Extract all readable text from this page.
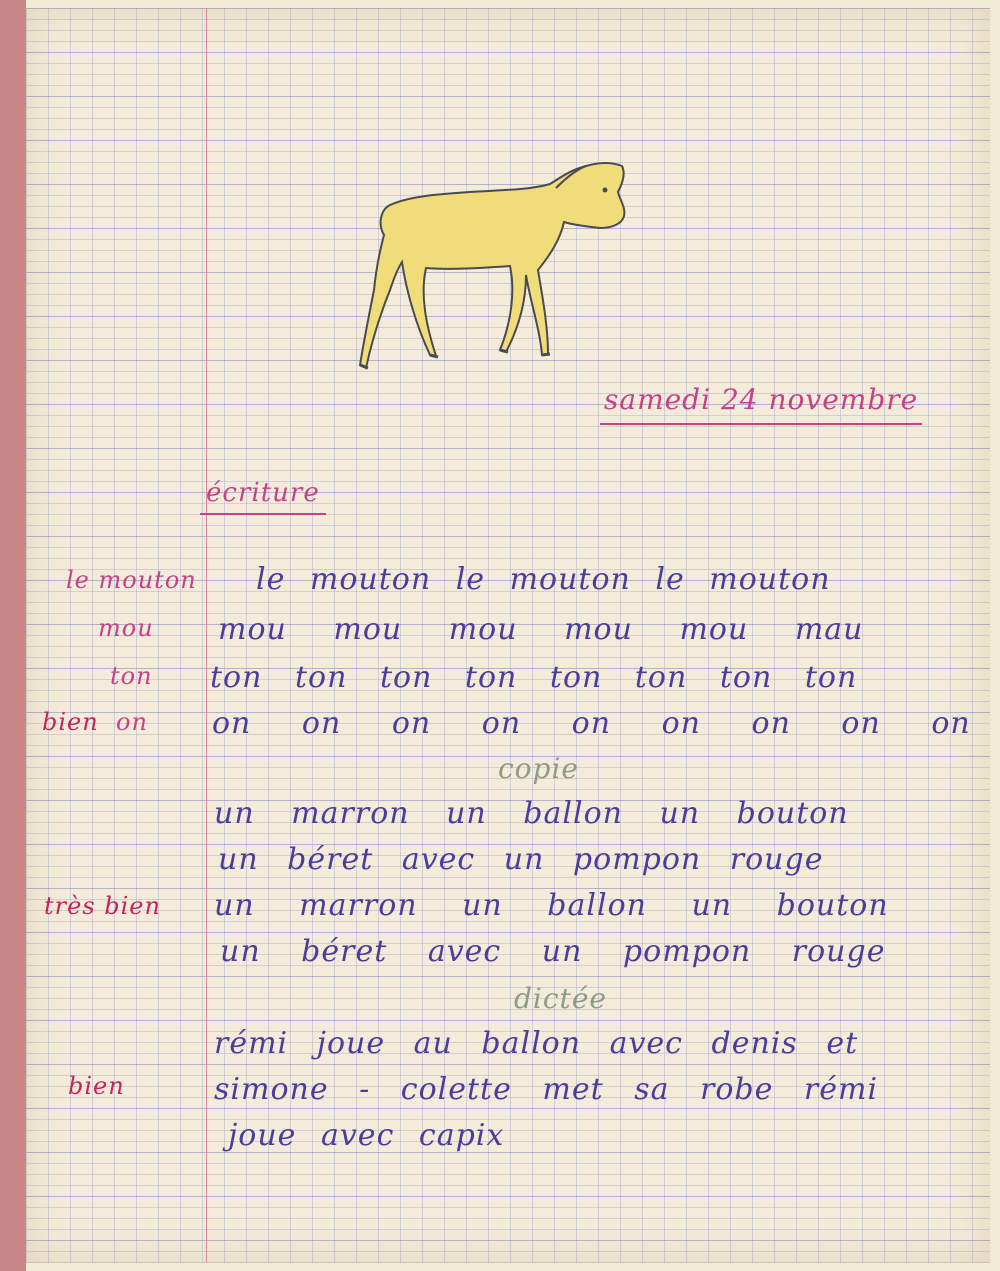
samedi 24 novembre
écriture
le mouton
mou
ton
bien on
très bien
bien
le mouton le mouton le mouton
mou mou mou mou mou mau
ton ton ton ton ton ton ton ton
on on on on on on on on on
copie
un marron un ballon un bouton
un béret avec un pompon rouge
un marron un ballon un bouton
un béret avec un pompon rouge
dictée
rémi joue au ballon avec denis et
simone - colette met sa robe rémi
joue avec capix
